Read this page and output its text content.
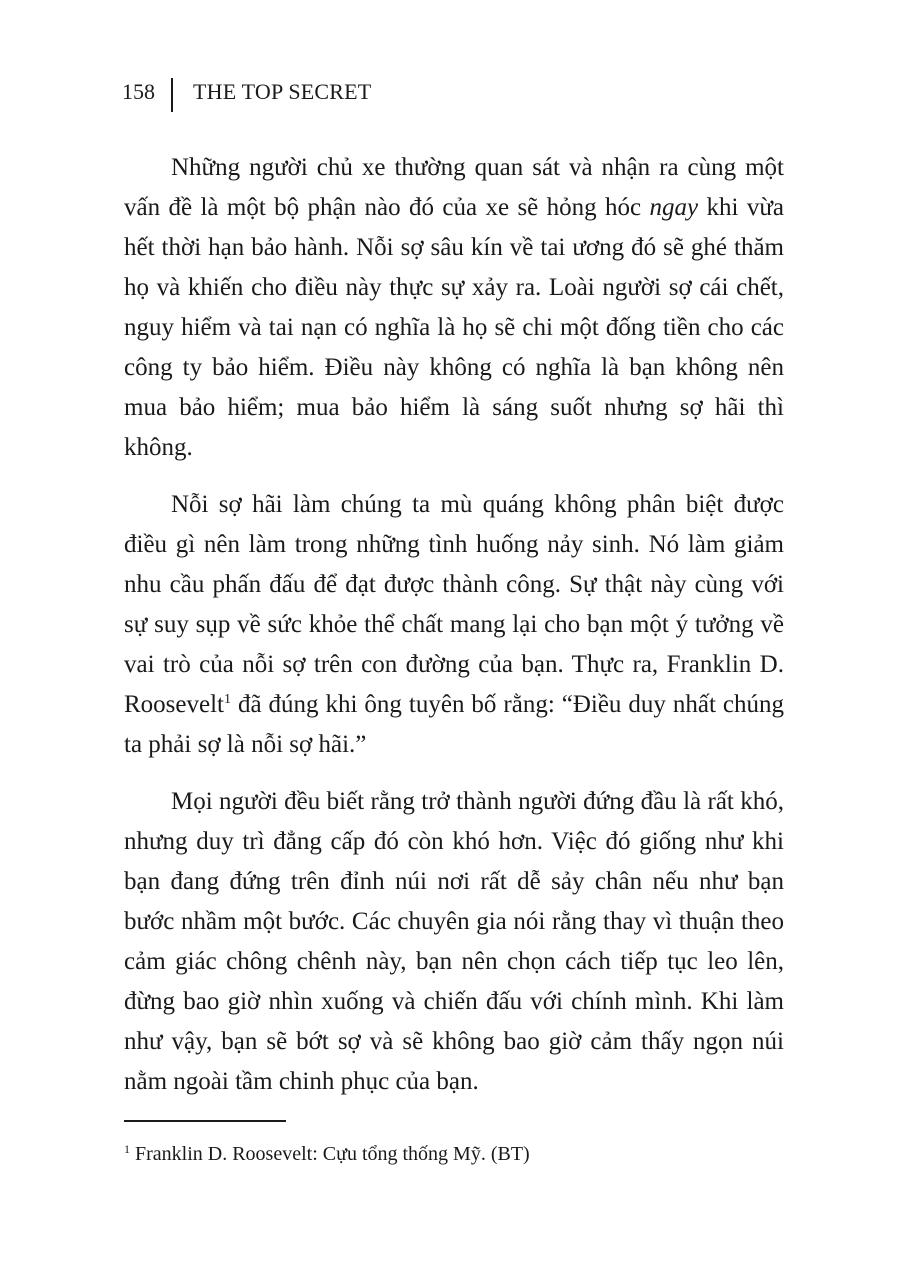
158 THE TOP SECRET

Những người chủ xe thường quan sát và nhận ra cùng một vấn đề là một bộ phận nào đó của xe sẽ hỏng hóc ngay khi vừa hết thời hạn bảo hành. Nỗi sợ sâu kín về tai ương đó sẽ ghé thăm họ và khiến cho điều này thực sự xảy ra. Loài người sợ cái chết, nguy hiểm và tai nạn có nghĩa là họ sẽ chi một đống tiền cho các công ty bảo hiểm. Điều này không có nghĩa là bạn không nên mua bảo hiểm; mua bảo hiểm là sáng suốt nhưng sợ hãi thì không.

Nỗi sợ hãi làm chúng ta mù quáng không phân biệt được điều gì nên làm trong những tình huống nảy sinh. Nó làm giảm nhu cầu phấn đấu để đạt được thành công. Sự thật này cùng với sự suy sụp về sức khỏe thể chất mang lại cho bạn một ý tưởng về vai trò của nỗi sợ trên con đường của bạn. Thực ra, Franklin D. Roosevelt$^1$ đã đúng khi ông tuyên bố rằng: “Điều duy nhất chúng ta phải sợ là nỗi sợ hãi.”

Mọi người đều biết rằng trở thành người đứng đầu là rất khó, nhưng duy trì đẳng cấp đó còn khó hơn. Việc đó giống như khi bạn đang đứng trên đỉnh núi nơi rất dễ sảy chân nếu như bạn bước nhầm một bước. Các chuyên gia nói rằng thay vì thuận theo cảm giác chông chênh này, bạn nên chọn cách tiếp tục leo lên, đừng bao giờ nhìn xuống và chiến đấu với chính mình. Khi làm như vậy, bạn sẽ bớt sợ và sẽ không bao giờ cảm thấy ngọn núi nằm ngoài tầm chinh phục của bạn.

$^1$ Franklin D. Roosevelt: Cựu tổng thống Mỹ. (BT)
